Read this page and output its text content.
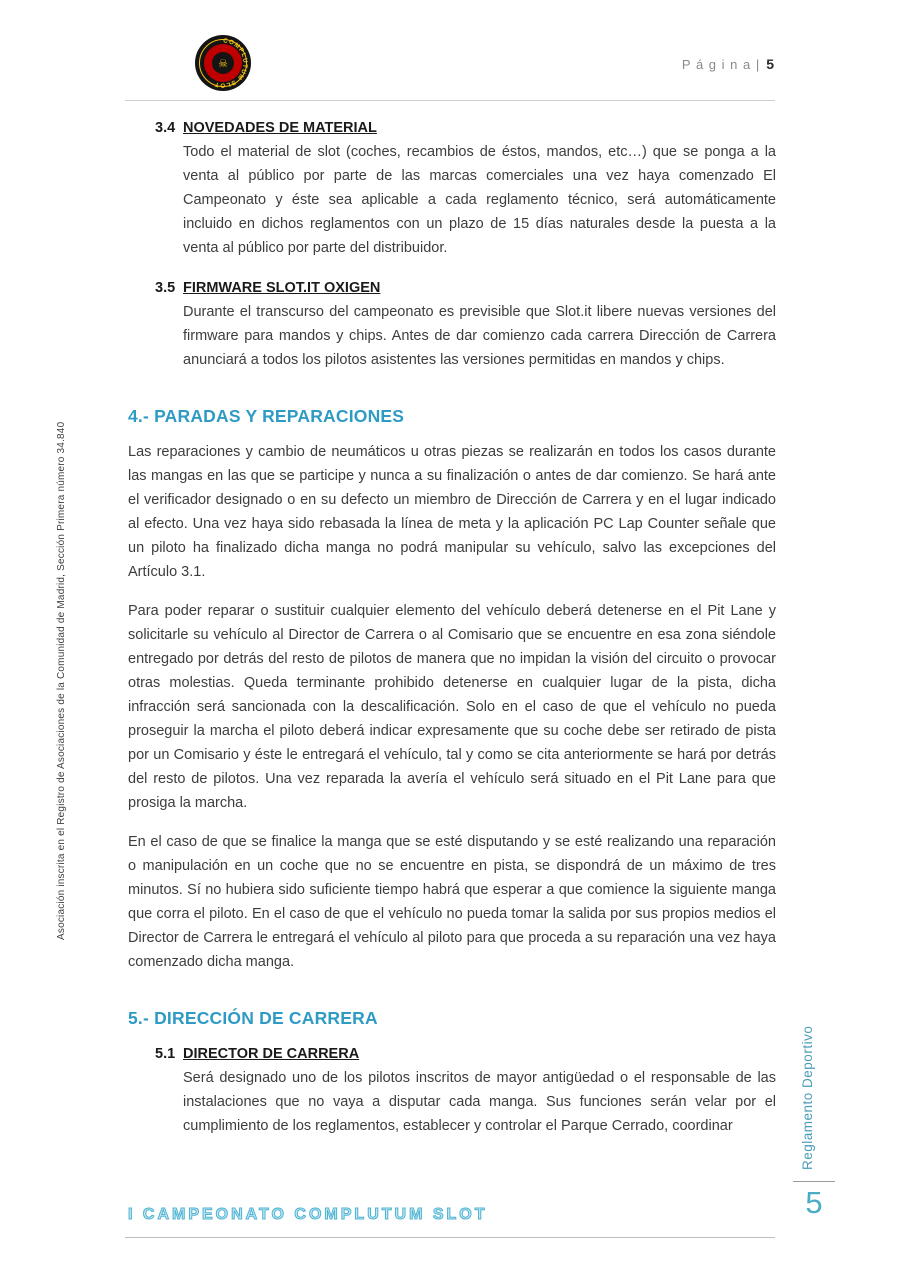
COMPLUTUM SLOT
☠	P á g i n a | 5
Asociación inscrita en el Registro de Asociaciones de la Comunidad de Madrid, Sección Primera número 34.840
Reglamento Deportivo
5

3.4 NOVEDADES DE MATERIAL

Todo el material de slot (coches, recambios de éstos, mandos, etc…) que se ponga a la venta al público por parte de las marcas comerciales una vez haya comenzado El Campeonato y éste sea aplicable a cada reglamento técnico, será automáticamente incluido en dichos reglamentos con un plazo de 15 días naturales desde la puesta a la venta al público por parte del distribuidor.

3.5 FIRMWARE SLOT.IT OXIGEN

Durante el transcurso del campeonato es previsible que Slot.it libere nuevas versiones del firmware para mandos y chips. Antes de dar comienzo cada carrera Dirección de Carrera anunciará a todos los pilotos asistentes las versiones permitidas en mandos y chips.

4.- PARADAS Y REPARACIONES

Las reparaciones y cambio de neumáticos u otras piezas se realizarán en todos los casos durante las mangas en las que se participe y nunca a su finalización o antes de dar comienzo. Se hará ante el verificador designado o en su defecto un miembro de Dirección de Carrera y en el lugar indicado al efecto. Una vez haya sido rebasada la línea de meta y la aplicación PC Lap Counter señale que un piloto ha finalizado dicha manga no podrá manipular su vehículo, salvo las excepciones del Artículo 3.1.

Para poder reparar o sustituir cualquier elemento del vehículo deberá detenerse en el Pit Lane y solicitarle su vehículo al Director de Carrera o al Comisario que se encuentre en esa zona siéndole entregado por detrás del resto de pilotos de manera que no impidan la visión del circuito o provocar otras molestias. Queda terminante prohibido detenerse en cualquier lugar de la pista, dicha infracción será sancionada con la descalificación. Solo en el caso de que el vehículo no pueda proseguir la marcha el piloto deberá indicar expresamente que su coche debe ser retirado de pista por un Comisario y éste le entregará el vehículo, tal y como se cita anteriormente se hará por detrás del resto de pilotos. Una vez reparada la avería el vehículo será situado en el Pit Lane para que prosiga la marcha.

En el caso de que se finalice la manga que se esté disputando y se esté realizando una reparación o manipulación en un coche que no se encuentre en pista, se dispondrá de un máximo de tres minutos. Sí no hubiera sido suficiente tiempo habrá que esperar a que comience la siguiente manga que corra el piloto. En el caso de que el vehículo no pueda tomar la salida por sus propios medios el Director de Carrera le entregará el vehículo al piloto para que proceda a su reparación una vez haya comenzado dicha manga.

5.- DIRECCIÓN DE CARRERA

5.1 DIRECTOR DE CARRERA

Será designado uno de los pilotos inscritos de mayor antigüedad o el responsable de las instalaciones que no vaya a disputar cada manga. Sus funciones serán velar por el cumplimiento de los reglamentos, establecer y controlar el Parque Cerrado, coordinar

I CAMPEONATO COMPLUTUM SLOT
